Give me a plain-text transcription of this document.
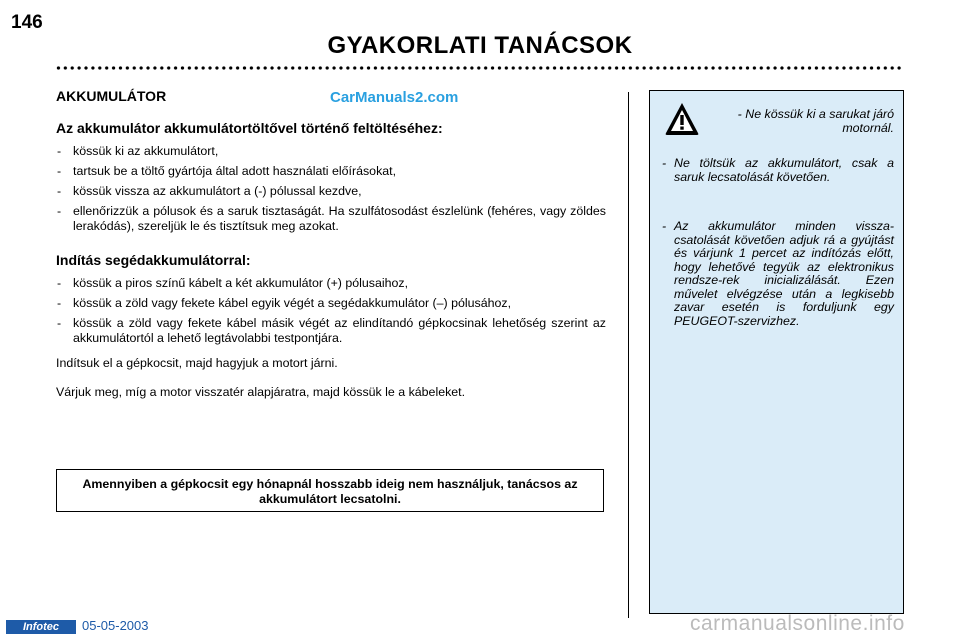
146
GYAKORLATI TANÁCSOK
CarManuals2.com
AKKUMULÁTOR
Az akkumulátor akkumulátortöltővel történő feltöltéséhez:
- kössük ki az akkumulátort,
- tartsuk be a töltő gyártója által adott használati előírásokat,
- kössük vissza az akkumulátort a (-) pólussal kezdve,
- ellenőrizzük a pólusok és a saruk tisztaságát. Ha szulfátosodást észlelünk (fehéres, vagy zöldes lerakódás), szereljük le és tisztítsuk meg azokat.
Indítás segédakkumulátorral:
- kössük a piros színű kábelt a két akkumulátor (+) pólusaihoz,
- kössük a zöld vagy fekete kábel egyik végét a segédakkumulátor (–) pólusához,
- kössük a zöld vagy fekete kábel másik végét az elindítandó gépkocsinak lehetőség szerint az akkumulátortól a lehető legtávolabbi testpontjára.

Indítsuk el a gépkocsit, majd hagyjuk a motort járni.

Várjuk meg, míg a motor visszatér alapjáratra, majd kössük le a kábeleket.

Amennyiben a gépkocsit egy hónapnál hosszabb ideig nem használjuk, tanácsos az akkumulátort lecsatolni.
- Ne kössük ki a sarukat járó motornál.
- Ne töltsük az akkumulátort, csak a saruk lecsatolását követően.
- Az akkumulátor minden vissza-csatolását követően adjuk rá a gyújtást és várjunk 1 percet az indítózás előtt, hogy lehetővé tegyük az elektronikus rendsze-rek inicializálását. Ezen művelet elvégzése után a legkisebb zavar esetén is forduljunk egy PEUGEOT-szervizhez.
Infotec	05-05-2003	carmanualsonline.info
